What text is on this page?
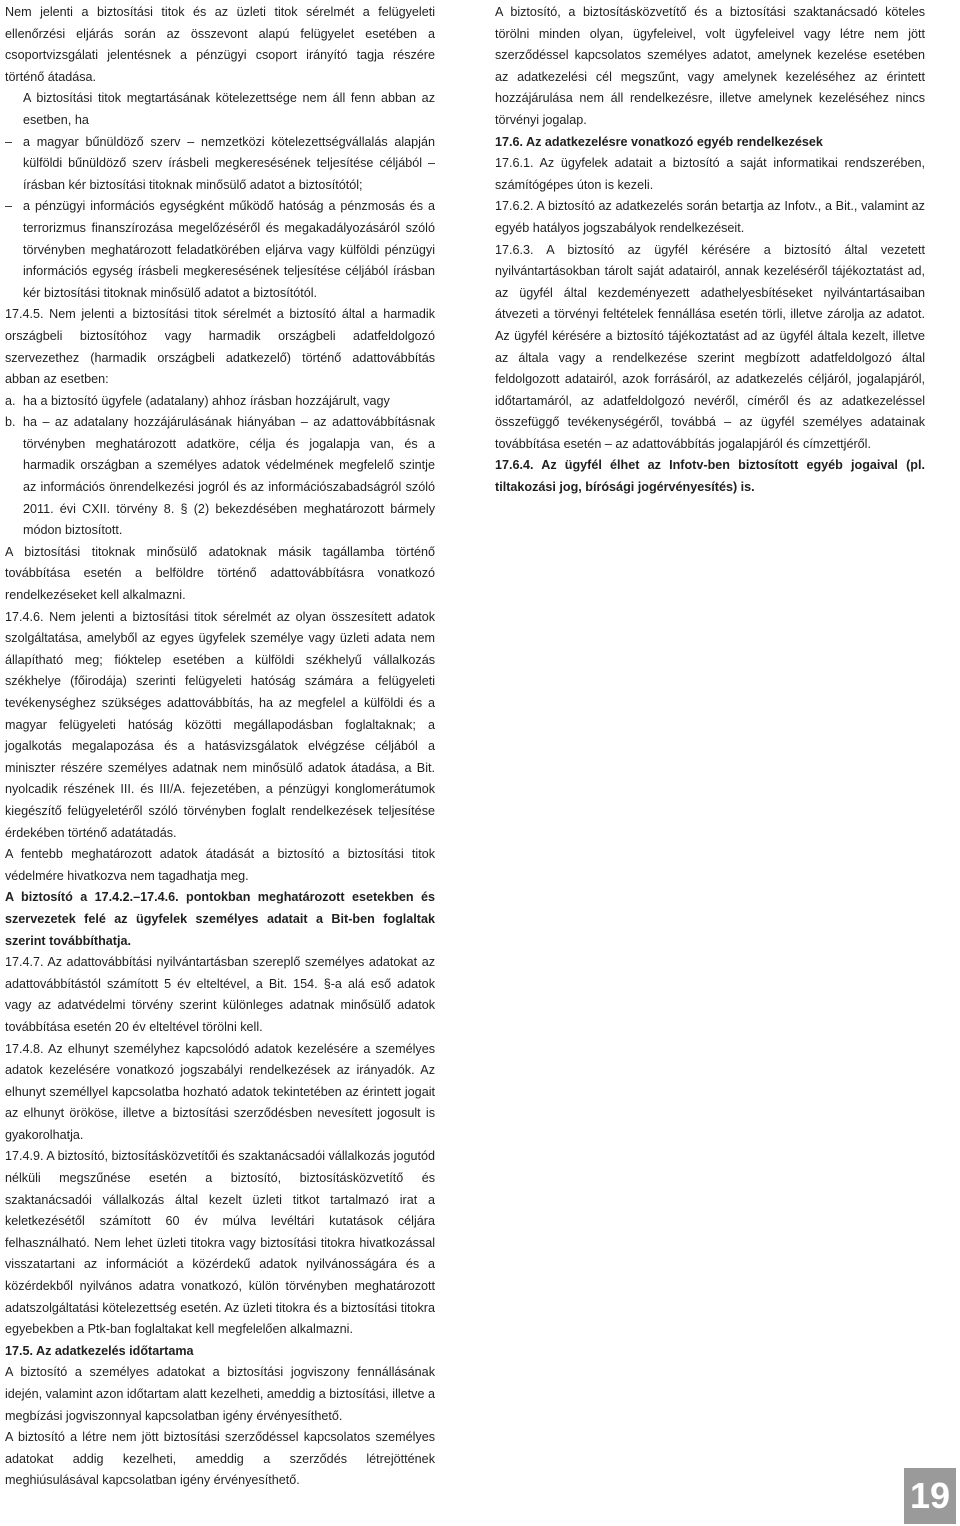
Nem jelenti a biztosítási titok és az üzleti titok sérelmét a felügyeleti ellenőrzési eljárás során az összevont alapú felügyelet esetében a csoportvizsgálati jelentésnek a pénzügyi csoport irányító tagja részére történő átadása.

A biztosítási titok megtartásának kötelezettsége nem áll fenn abban az esetben, ha

– a magyar bűnüldöző szerv – nemzetközi kötelezettségvállalás alapján külföldi bűnüldöző szerv írásbeli megkeresésének teljesítése céljából – írásban kér biztosítási titoknak minősülő adatot a biztosítótól;

– a pénzügyi információs egységként működő hatóság a pénzmosás és a terrorizmus finanszírozása megelőzéséről és megakadályozásáról szóló törvényben meghatározott feladatkörében eljárva vagy külföldi pénzügyi információs egység írásbeli megkeresésének teljesítése céljából írásban kér biztosítási titoknak minősülő adatot a biztosítótól.

17.4.5. Nem jelenti a biztosítási titok sérelmét a biztosító által a harmadik országbeli biztosítóhoz vagy harmadik országbeli adatfeldolgozó szervezethez (harmadik országbeli adatkezelő) történő adattovábbítás abban az esetben:

a. ha a biztosító ügyfele (adatalany) ahhoz írásban hozzájárult, vagy

b. ha – az adatalany hozzájárulásának hiányában – az adattovábbításnak törvényben meghatározott adatköre, célja és jogalapja van, és a harmadik országban a személyes adatok védelmének megfelelő szintje az információs önrendelkezési jogról és az információszabadságról szóló 2011. évi CXII. törvény 8. § (2) bekezdésében meghatározott bármely módon biztosított.

A biztosítási titoknak minősülő adatoknak másik tagállamba történő továbbítása esetén a belföldre történő adattovábbításra vonatkozó rendelkezéseket kell alkalmazni.

17.4.6. Nem jelenti a biztosítási titok sérelmét az olyan összesített adatok szolgáltatása, amelyből az egyes ügyfelek személye vagy üzleti adata nem állapítható meg; fióktelep esetében a külföldi székhelyű vállalkozás székhelye (főirodája) szerinti felügyeleti hatóság számára a felügyeleti tevékenységhez szükséges adattovábbítás, ha az megfelel a külföldi és a magyar felügyeleti hatóság közötti megállapodásban foglaltaknak; a jogalkotás megalapozása és a hatásvizsgálatok elvégzése céljából a miniszter részére személyes adatnak nem minősülő adatok átadása, a Bit. nyolcadik részének III. és III/A. fejezetében, a pénzügyi konglomerátumok kiegészítő felügyeletéről szóló törvényben foglalt rendelkezések teljesítése érdekében történő adatátadás.

A fentebb meghatározott adatok átadását a biztosító a biztosítási titok védelmére hivatkozva nem tagadhatja meg.

A biztosító a 17.4.2.–17.4.6. pontokban meghatározott esetekben és szervezetek felé az ügyfelek személyes adatait a Bit-ben foglaltak szerint továbbíthatja.

17.4.7. Az adattovábbítási nyilvántartásban szereplő személyes adatokat az adattovábbítástól számított 5 év elteltével, a Bit. 154. §-a alá eső adatok vagy az adatvédelmi törvény szerint különleges adatnak minősülő adatok továbbítása esetén 20 év elteltével törölni kell.

17.4.8. Az elhunyt személyhez kapcsolódó adatok kezelésére a személyes adatok kezelésére vonatkozó jogszabályi rendelkezések az irányadók. Az elhunyt személlyel kapcsolatba hozható adatok tekintetében az érintett jogait az elhunyt örököse, illetve a biztosítási szerződésben nevesített jogosult is gyakorolhatja.

17.4.9. A biztosító, biztosításközvetítői és szaktanácsadói vállalkozás jogutód nélküli megszűnése esetén a biztosító, biztosításközvetítő és szaktanácsadói vállalkozás által kezelt üzleti titkot tartalmazó irat a keletkezésétől számított 60 év múlva levéltári kutatások céljára felhasználható. Nem lehet üzleti titokra vagy biztosítási titokra hivatkozással visszatartani az információt a közérdekű adatok nyilvánosságára és a közérdekből nyilvános adatra vonatkozó, külön törvényben meghatározott adatszolgáltatási kötelezettség esetén. Az üzleti titokra és a biztosítási titokra egyebekben a Ptk-ban foglaltakat kell megfelelően alkalmazni.

17.5. Az adatkezelés időtartama

A biztosító a személyes adatokat a biztosítási jogviszony fennállásának idején, valamint azon időtartam alatt kezelheti, ameddig a biztosítási, illetve a megbízási jogviszonnyal kapcsolatban igény érvényesíthető.

A biztosító a létre nem jött biztosítási szerződéssel kapcsolatos személyes adatokat addig kezelheti, ameddig a szerződés létrejöttének meghiúsulásával kapcsolatban igény érvényesíthető.

A biztosító, a biztosításközvetítő és a biztosítási szaktanácsadó köteles törölni minden olyan, ügyfeleivel, volt ügyfeleivel vagy létre nem jött szerződéssel kapcsolatos személyes adatot, amelynek kezelése esetében az adatkezelési cél megszűnt, vagy amelynek kezeléséhez az érintett hozzájárulása nem áll rendelkezésre, illetve amelynek kezeléséhez nincs törvényi jogalap.

17.6. Az adatkezelésre vonatkozó egyéb rendelkezések

17.6.1. Az ügyfelek adatait a biztosító a saját informatikai rendszerében, számítógépes úton is kezeli.

17.6.2. A biztosító az adatkezelés során betartja az Infotv., a Bit., valamint az egyéb hatályos jogszabályok rendelkezéseit.

17.6.3. A biztosító az ügyfél kérésére a biztosító által vezetett nyilvántartásokban tárolt saját adatairól, annak kezeléséről tájékoztatást ad, az ügyfél által kezdeményezett adathelyesbítéseket nyilvántartásaiban átvezeti a törvényi feltételek fennállása esetén törli, illetve zárolja az adatot. Az ügyfél kérésére a biztosító tájékoztatást ad az ügyfél általa kezelt, illetve az általa vagy a rendelkezése szerint megbízott adatfeldolgozó által feldolgozott adatairól, azok forrásáról, az adatkezelés céljáról, jogalapjáról, időtartamáról, az adatfeldolgozó nevéről, címéről és az adatkezeléssel összefüggő tevékenységéről, továbbá – az ügyfél személyes adatainak továbbítása esetén – az adattovábbítás jogalapjáról és címzettjéről.

17.6.4. Az ügyfél élhet az Infotv-ben biztosított egyéb jogaival (pl. tiltakozási jog, bírósági jogérvényesítés) is.

19
